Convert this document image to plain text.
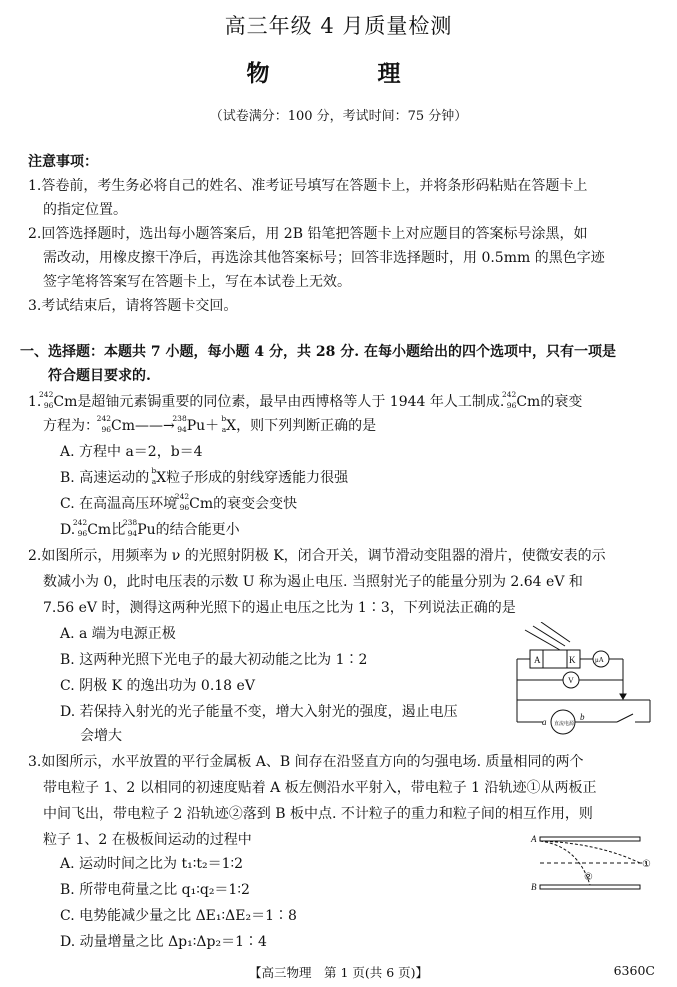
高三年级 4 月质量检测
物 理
（试卷满分：100 分，考试时间：75 分钟）
注意事项：
1.答卷前，考生务必将自己的姓名、准考证号填写在答题卡上，并将条形码粘贴在答题卡上
的指定位置。
2.回答选择题时，选出每小题答案后，用 2B 铅笔把答题卡上对应题目的答案标号涂黑，如
需改动，用橡皮擦干净后，再选涂其他答案标号；回答非选择题时，用 0.5mm 的黑色字迹
签字笔将答案写在答题卡上，写在本试卷上无效。
3.考试结束后，请将答题卡交回。
一、选择题：本题共 7 小题，每小题 4 分，共 28 分. 在每小题给出的四个选项中，只有一项是
符合题目要求的.
1.
242
96 Cm是超铀元素锔重要的同位素，最早由西博格等人于 1944 年人工制成.
242
96 Cm的衰变
方程为：
242
96 Cm——→
238
94 Pu＋ b
a X，则下列判断正确的是
A. 方程中 a＝2，b＝4
B. 高速运动的 b
a X粒子形成的射线穿透能力很强
C. 在高温高压环境
242
96 Cm的衰变会变快
D.
242
96 Cm比
238
94 Pu的结合能更小
2.如图所示，用频率为 ν 的光照射阴极 K，闭合开关，调节滑动变阻器的滑片，使微安表的示
数减小为 0，此时电压表的示数 U 称为遏止电压. 当照射光子的能量分别为 2.64 eV 和
7.56 eV 时，测得这两种光照下的遏止电压之比为 1∶3，下列说法正确的是
A. a 端为电源正极
B. 这两种光照下光电子的最大初动能之比为 1∶2
C. 阴极 K 的逸出功为 0.18 eV
D. 若保持入射光的光子能量不变，增大入射光的强度，遏止电压
会增大
A	K	μA
V
a	b
直流电源
3.如图所示，水平放置的平行金属板 A、B 间存在沿竖直方向的匀强电场. 质量相同的两个
带电粒子 1、2 以相同的初速度贴着 A 板左侧沿水平射入，带电粒子 1 沿轨迹①从两板正
中间飞出，带电粒子 2 沿轨迹②落到 B 板中点. 不计粒子的重力和粒子间的相互作用，则
粒子 1、2 在极板间运动的过程中
A. 运动时间之比为 t₁∶t₂＝1∶2
B. 所带电荷量之比 q₁∶q₂＝1∶2
C. 电势能减少量之比 ΔE₁∶ΔE₂＝1∶8
D. 动量增量之比 Δp₁∶Δp₂＝1∶4
A
B
①
②
【高三物理　第 1 页(共 6 页)】	6360C
